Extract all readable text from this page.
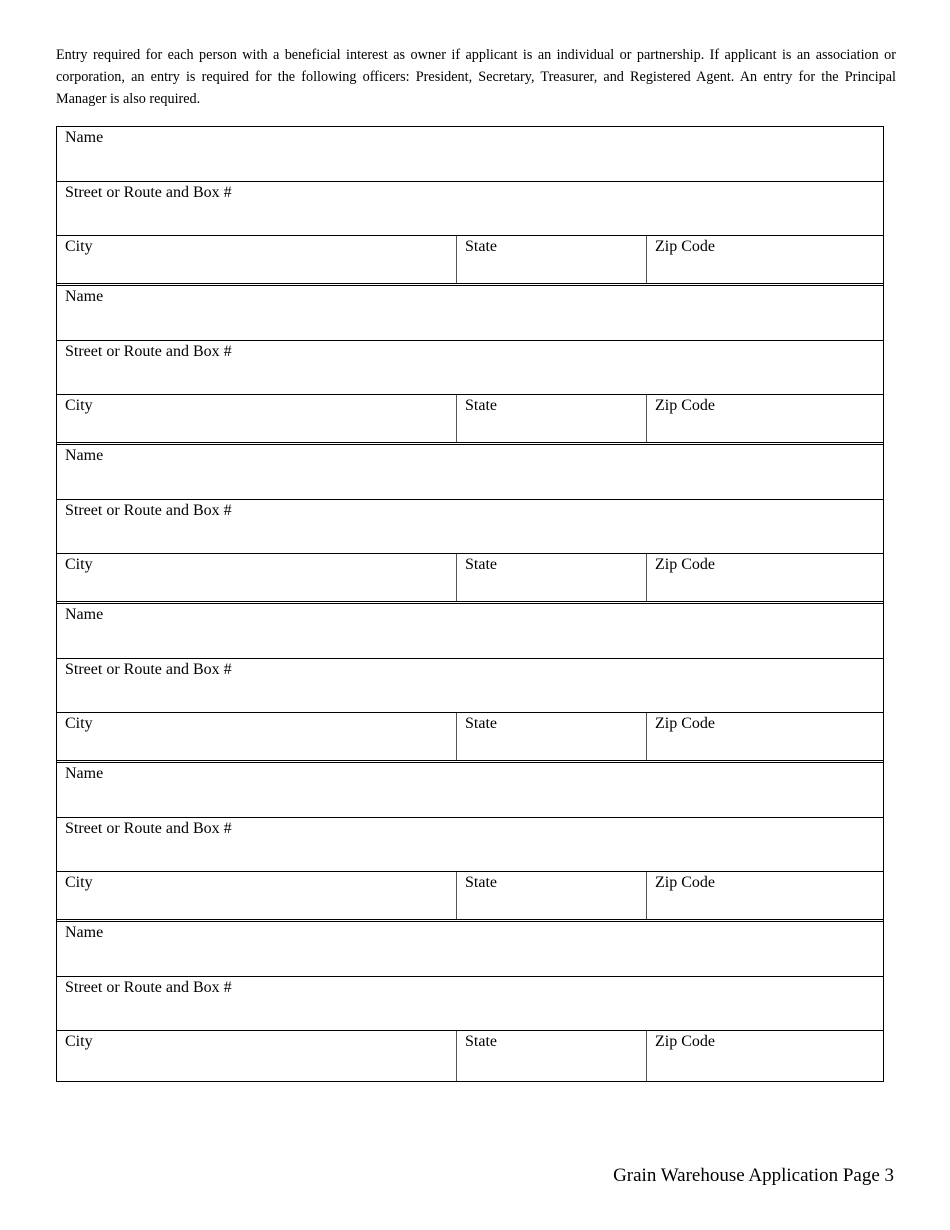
Entry required for each person with a beneficial interest as owner if applicant is an individual or partnership. If applicant is an association or corporation, an entry is required for the following officers: President, Secretary, Treasurer, and Registered Agent. An entry for the Principal Manager is also required.
Name
Street or Route and Box #
City	State	Zip Code
Name
Street or Route and Box #
City	State	Zip Code
Name
Street or Route and Box #
City	State	Zip Code
Name
Street or Route and Box #
City	State	Zip Code
Name
Street or Route and Box #
City	State	Zip Code
Name
Street or Route and Box #
City	State	Zip Code
Grain Warehouse Application Page 3
